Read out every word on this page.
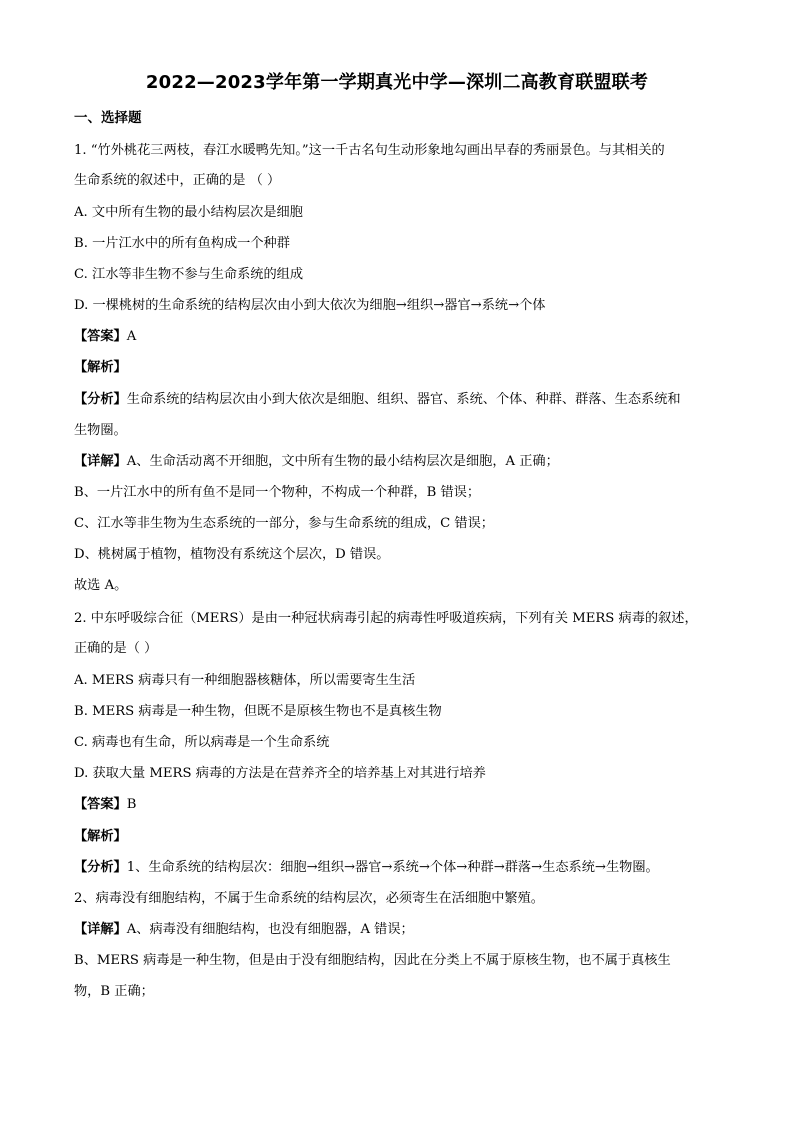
2022—2023学年第一学期真光中学—深圳二高教育联盟联考
一、选择题
1. “竹外桃花三两枝，春江水暖鸭先知。”这一千古名句生动形象地勾画出早春的秀丽景色。与其相关的
生命系统的叙述中，正确的是 （ ）
A. 文中所有生物的最小结构层次是细胞
B. 一片江水中的所有鱼构成一个种群
C. 江水等非生物不参与生命系统的组成
D. 一棵桃树的生命系统的结构层次由小到大依次为细胞→组织→器官→系统→个体
【答案】A
【解析】
【分析】生命系统的结构层次由小到大依次是细胞、组织、器官、系统、个体、种群、群落、生态系统和
生物圈。
【详解】A、生命活动离不开细胞，文中所有生物的最小结构层次是细胞，A 正确；
B、一片江水中的所有鱼不是同一个物种，不构成一个种群，B 错误；
C、江水等非生物为生态系统的一部分，参与生命系统的组成，C 错误；
D、桃树属于植物，植物没有系统这个层次，D 错误。
故选 A。
2. 中东呼吸综合征（MERS）是由一种冠状病毒引起的病毒性呼吸道疾病，下列有关 MERS 病毒的叙述，
正确的是（ ）
A. MERS 病毒只有一种细胞器核糖体，所以需要寄生生活
B. MERS 病毒是一种生物，但既不是原核生物也不是真核生物
C. 病毒也有生命，所以病毒是一个生命系统
D. 获取大量 MERS 病毒的方法是在营养齐全的培养基上对其进行培养
【答案】B
【解析】
【分析】1、生命系统的结构层次：细胞→组织→器官→系统→个体→种群→群落→生态系统→生物圈。
2、病毒没有细胞结构，不属于生命系统的结构层次，必须寄生在活细胞中繁殖。
【详解】A、病毒没有细胞结构，也没有细胞器，A 错误；
B、MERS 病毒是一种生物，但是由于没有细胞结构，因此在分类上不属于原核生物，也不属于真核生
物，B 正确；
